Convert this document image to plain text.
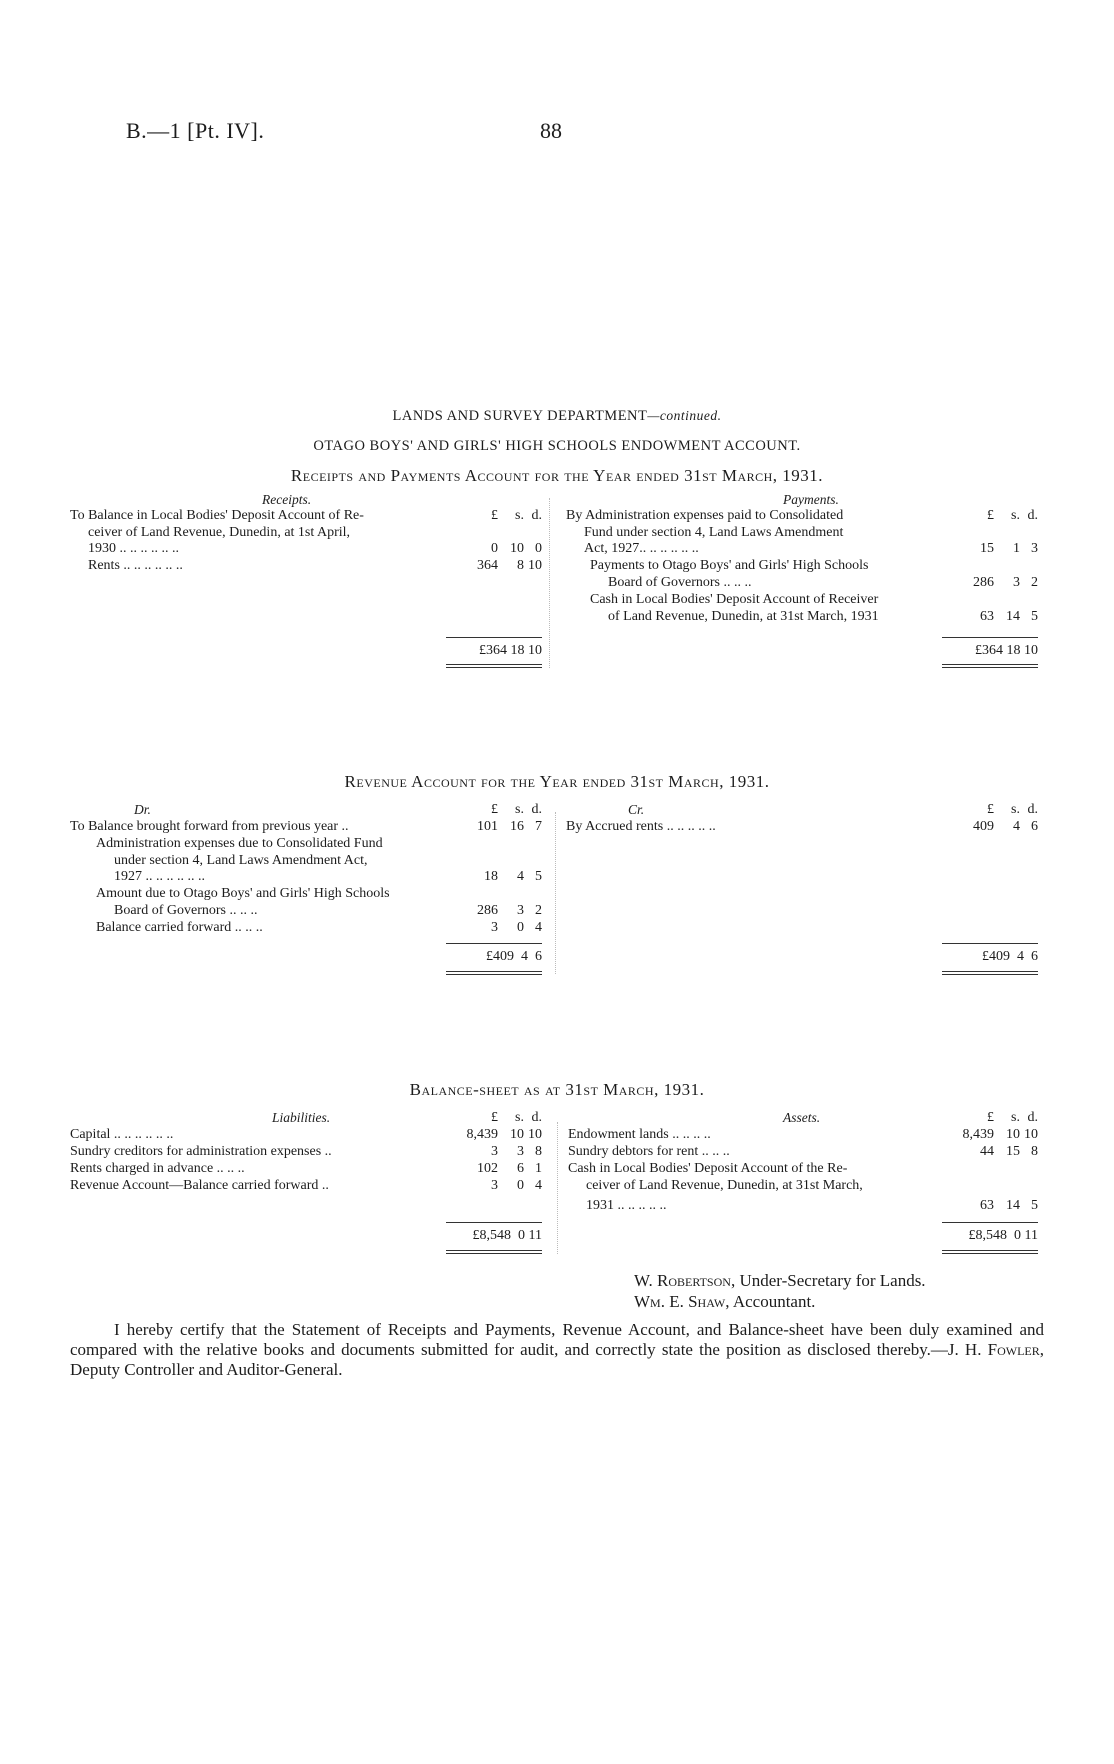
B.—1 [Pt. IV].	88
LANDS AND SURVEY DEPARTMENT—continued.
OTAGO BOYS' AND GIRLS' HIGH SCHOOLS ENDOWMENT ACCOUNT.
Receipts and Payments Account for the Year ended 31st March, 1931.
Receipts.	Payments.
£	s. d.	£	s. d.
To Balance in Local Bodies' Deposit Account of Re-
ceiver of Land Revenue, Dunedin, at 1st April,
1930 .. .. .. .. .. ..	0 10 0
Rents .. .. .. .. .. ..	364	8 10
By Administration expenses paid to Consolidated
Fund under section 4, Land Laws Amendment
Act, 1927.. .. .. .. .. ..	15	1 3
Payments to Otago Boys' and Girls' High Schools
Board of Governors .. .. ..	286	3 2
Cash in Local Bodies' Deposit Account of Receiver
of Land Revenue, Dunedin, at 31st March, 1931	63 14 5
£364 18 10	£364 18 10
Revenue Account for the Year ended 31st March, 1931.
Dr.	Cr.
£	s. d.	£	s. d.
To Balance brought forward from previous year ..	101 16 7
Administration expenses due to Consolidated Fund
under section 4, Land Laws Amendment Act,
1927 .. .. .. .. .. ..	18	4 5
Amount due to Otago Boys' and Girls' High Schools
Board of Governors .. .. ..	286	3 2
Balance carried forward .. .. ..	3	0 4
By Accrued rents .. .. .. .. ..	409	4 6
£409  4  6	£409  4  6
Balance-sheet as at 31st March, 1931.
Liabilities.	Assets.
£	s. d.	£	s. d.
Capital .. .. .. .. .. ..	8,439 10 10
Sundry creditors for administration expenses ..	3	3 8
Rents charged in advance .. .. ..	102	6 1
Revenue Account—Balance carried forward ..	3	0 4
Endowment lands .. .. .. ..	8,439 10 10
Sundry debtors for rent .. .. ..	44 15 8
Cash in Local Bodies' Deposit Account of the Re-
ceiver of Land Revenue, Dunedin, at 31st March,
1931 .. .. .. .. ..	63 14 5
£8,548  0 11	£8,548  0 11
W. Robertson, Under-Secretary for Lands.
Wm. E. Shaw, Accountant.
I hereby certify that the Statement of Receipts and Payments, Revenue Account, and Balance-sheet have been duly examined and compared with the relative books and documents submitted for audit, and correctly state the position as disclosed thereby.—J. H. Fowler, Deputy Controller and Auditor-General.
